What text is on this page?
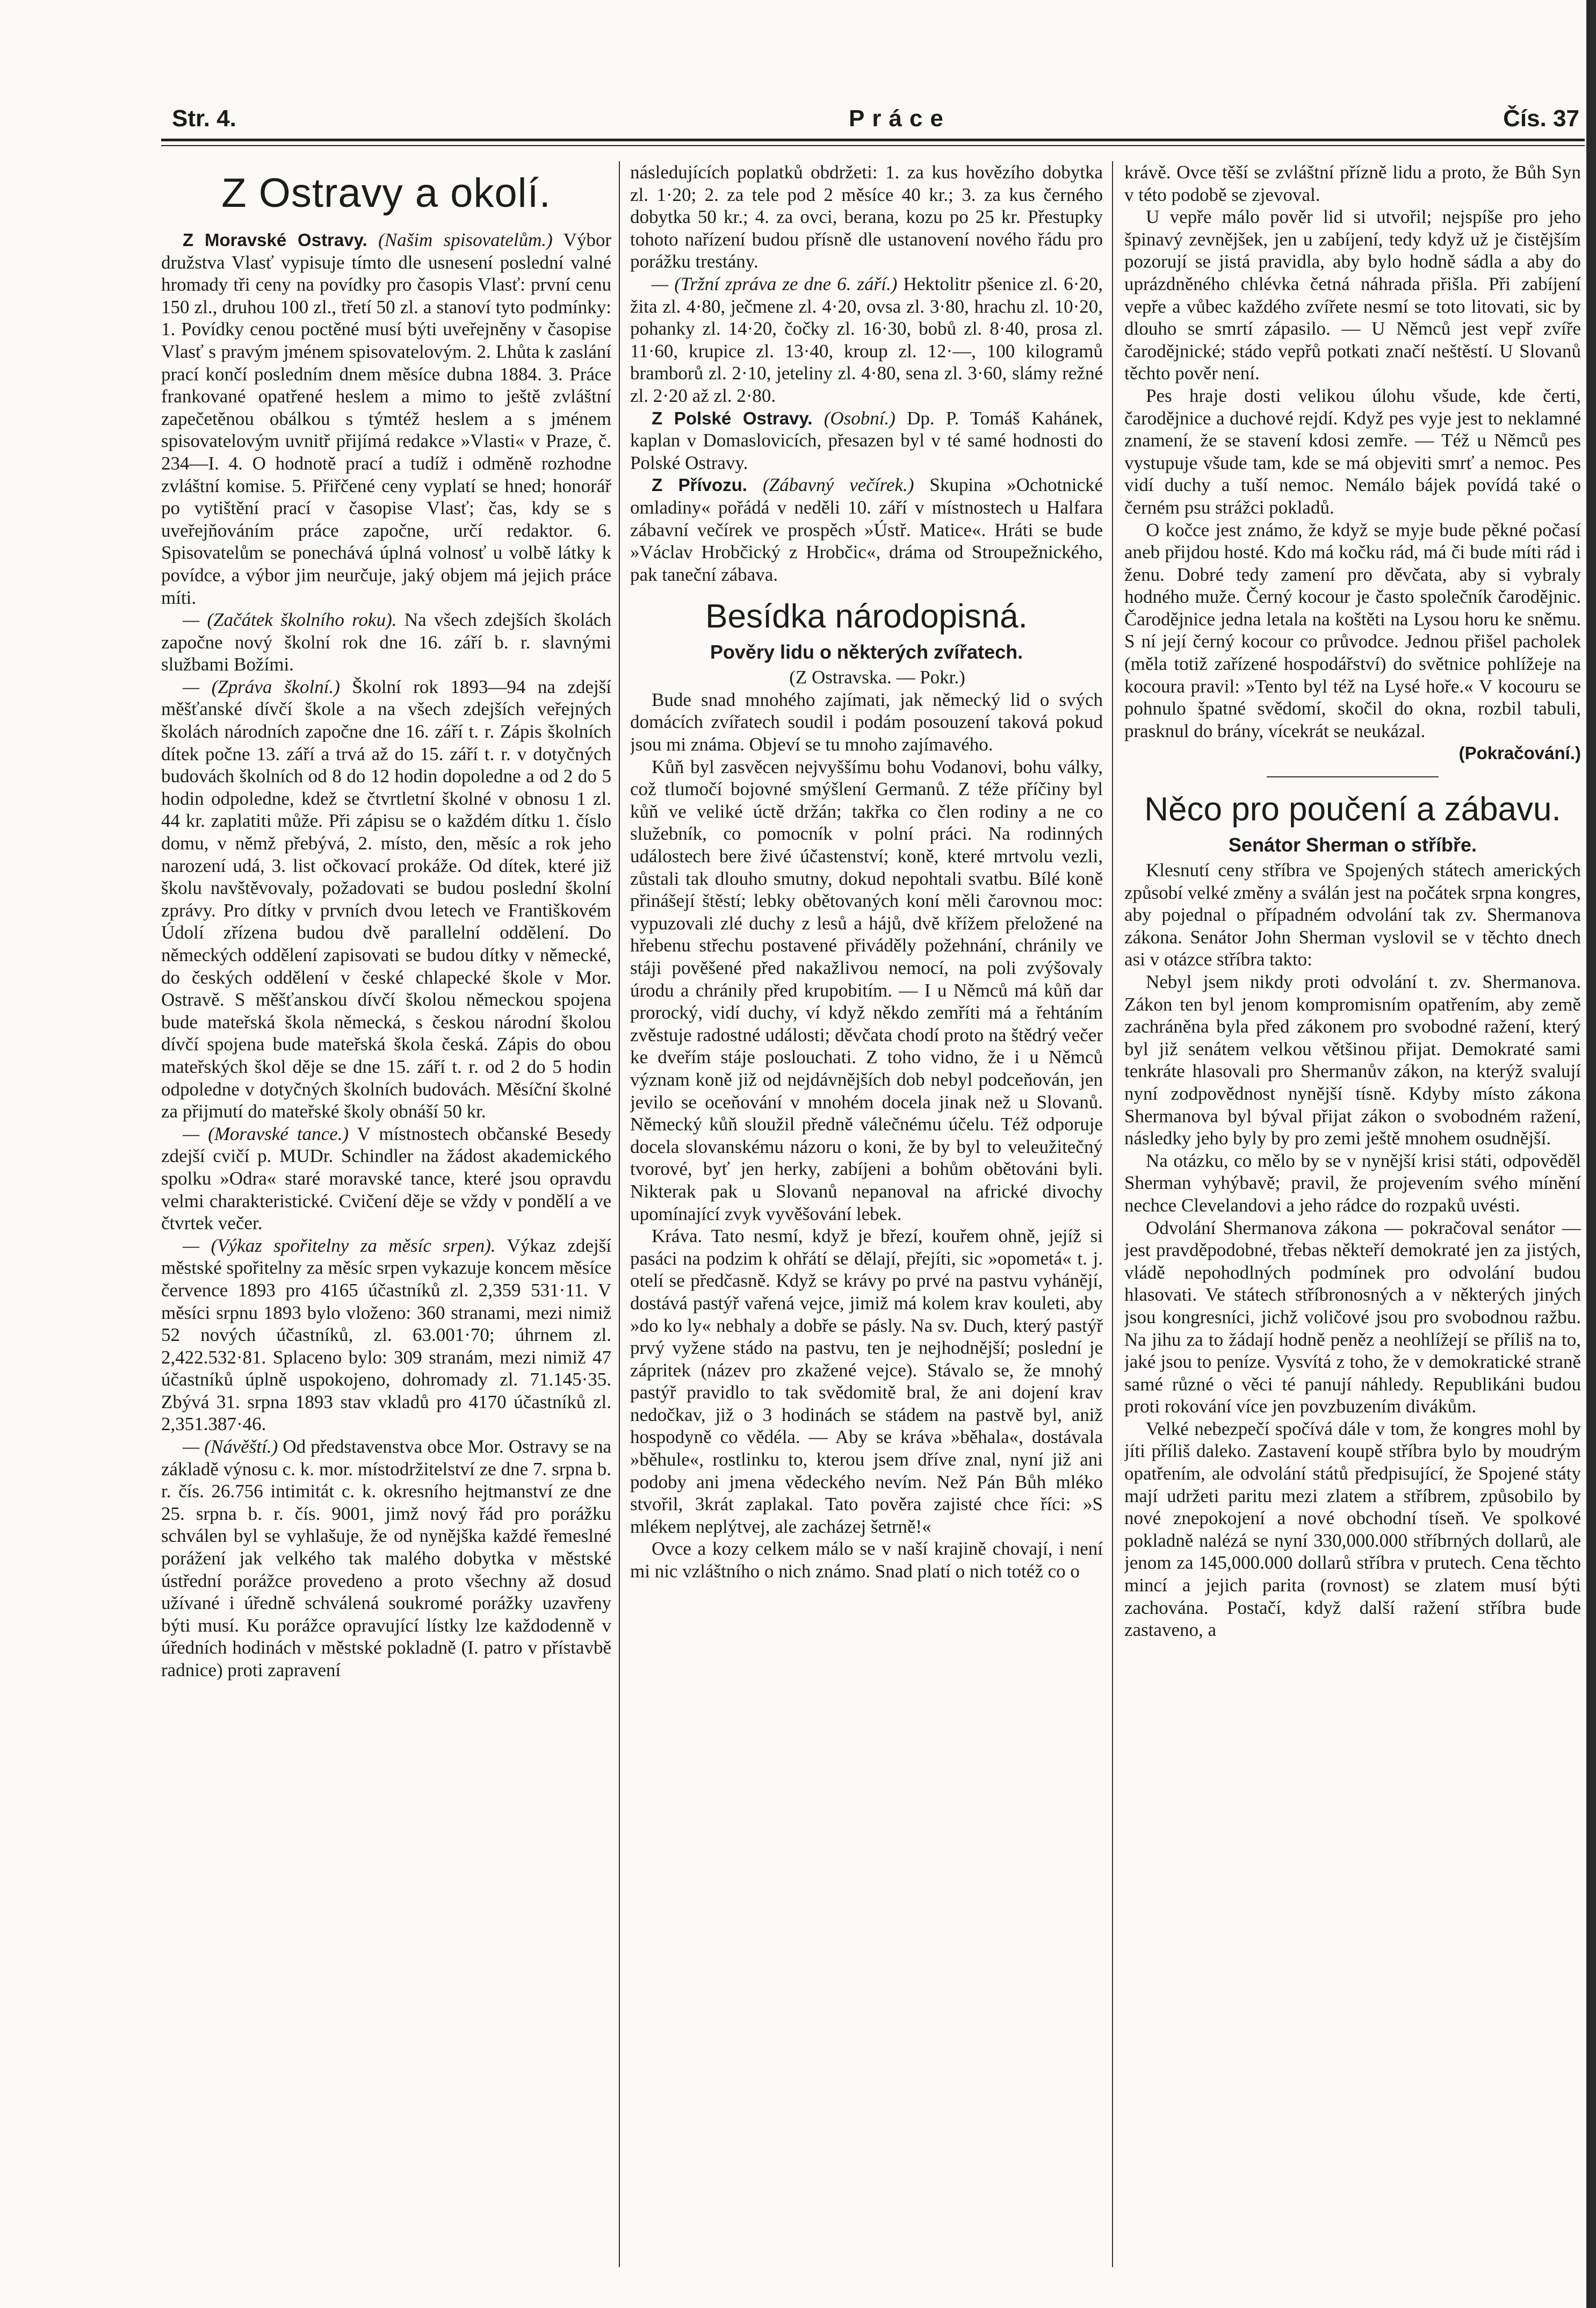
Str. 4.	Práce	Čís. 37
Z Ostravy a okolí.

Z Moravské Ostravy. (Našim spisovatelům.) Výbor družstva Vlasť vypisuje tímto dle usnesení poslední valné hromady tři ceny na povídky pro časopis Vlasť: první cenu 150 zl., druhou 100 zl., třetí 50 zl. a stanoví tyto podmínky: 1. Povídky cenou poctěné musí býti uveřejněny v časopise Vlasť s pravým jménem spisovatelovým. 2. Lhůta k zaslání prací končí posledním dnem měsíce dubna 1884. 3. Práce frankované opatřené heslem a mimo to ještě zvláštní zapečetěnou obálkou s týmtéž heslem a s jménem spisovatelovým uvnitř přijímá redakce »Vlasti« v Praze, č. 234—I. 4. O hodnotě prací a tudíž i odměně rozhodne zvláštní komise. 5. Přiřčené ceny vyplatí se hned; honorář po vytištění prací v časopise Vlasť; čas, kdy se s uveřejňováním práce započne, určí redaktor. 6. Spisovatelům se ponechává úplná volnosť u volbě látky k povídce, a výbor jim neurčuje, jaký objem má jejich práce míti.

— (Začátek školního roku). Na všech zdejších školách započne nový školní rok dne 16. září b. r. slavnými službami Božími.

— (Zpráva školní.) Školní rok 1893—94 na zdejší měšťanské dívčí škole a na všech zdejších veřejných školách národních započne dne 16. září t. r. Zápis školních dítek počne 13. září a trvá až do 15. září t. r. v dotyčných budovách školních od 8 do 12 hodin dopoledne a od 2 do 5 hodin odpoledne, kdež se čtvrtletní školné v obnosu 1 zl. 44 kr. zaplatiti může. Při zápisu se o každém dítku 1. číslo domu, v němž přebývá, 2. místo, den, měsíc a rok jeho narození udá, 3. list očkovací prokáže. Od dítek, které již školu navštěvovaly, požadovati se budou poslední školní zprávy. Pro dítky v prvních dvou letech ve Františkovém Údolí zřízena budou dvě parallelní oddělení. Do německých oddělení zapisovati se budou dítky v německé, do českých oddělení v české chlapecké škole v Mor. Ostravě. S měšťanskou dívčí školou německou spojena bude mateřská škola německá, s českou národní školou dívčí spojena bude mateřská škola česká. Zápis do obou mateřských škol děje se dne 15. září t. r. od 2 do 5 hodin odpoledne v dotyčných školních budovách. Měsíční školné za přijmutí do mateřské školy obnáší 50 kr.

— (Moravské tance.) V místnostech občanské Besedy zdejší cvičí p. MUDr. Schindler na žádost akademického spolku »Odra« staré moravské tance, které jsou opravdu velmi charakteristické. Cvičení děje se vždy v pondělí a ve čtvrtek večer.

— (Výkaz spořitelny za měsíc srpen). Výkaz zdejší městské spořitelny za měsíc srpen vykazuje koncem měsíce července 1893 pro 4165 účastníků zl. 2,359 531·11. V měsíci srpnu 1893 bylo vloženo: 360 stranami, mezi nimiž 52 nových účastníků, zl. 63.001·70; úhrnem zl. 2,422.532·81. Splaceno bylo: 309 stranám, mezi nimiž 47 účastníků úplně uspokojeno, dohromady zl. 71.145·35. Zbývá 31. srpna 1893 stav vkladů pro 4170 účastníků zl. 2,351.387·46.

— (Návěští.) Od představenstva obce Mor. Ostravy se na základě výnosu c. k. mor. místodržitelství ze dne 7. srpna b. r. čís. 26.756 intimitát c. k. okresního hejtmanství ze dne 25. srpna b. r. čís. 9001, jimž nový řád pro porážku schválen byl se vyhlašuje, že od nynějška každé řemeslné porážení jak velkého tak malého dobytka v městské ústřední porážce provedeno a proto všechny až dosud užívané i úředně schválená soukromé porážky uzavřeny býti musí. Ku porážce opravující lístky lze každodenně v úředních hodinách v městské pokladně (I. patro v přístavbě radnice) proti zapravení

následujících poplatků obdržeti: 1. za kus hovězího dobytka zl. 1·20; 2. za tele pod 2 měsíce 40 kr.; 3. za kus černého dobytka 50 kr.; 4. za ovci, berana, kozu po 25 kr. Přestupky tohoto nařízení budou přísně dle ustanovení nového řádu pro porážku trestány.

— (Tržní zpráva ze dne 6. září.) Hektolitr pšenice zl. 6·20, žita zl. 4·80, ječmene zl. 4·20, ovsa zl. 3·80, hrachu zl. 10·20, pohanky zl. 14·20, čočky zl. 16·30, bobů zl. 8·40, prosa zl. 11·60, krupice zl. 13·40, kroup zl. 12·—, 100 kilogramů bramborů zl. 2·10, jeteliny zl. 4·80, sena zl. 3·60, slámy režné zl. 2·20 až zl. 2·80.

Z Polské Ostravy. (Osobní.) Dp. P. Tomáš Kahánek, kaplan v Domaslovicích, přesazen byl v té samé hodnosti do Polské Ostravy.

Z Přívozu. (Zábavný večírek.) Skupina »Ochotnické omladiny« pořádá v neděli 10. září v místnostech u Halfara zábavní večírek ve prospěch »Ústř. Matice«. Hráti se bude »Václav Hrobčický z Hrobčic«, dráma od Stroupežnického, pak taneční zábava.

Besídka národopisná.
Pověry lidu o některých zvířatech.

(Z Ostravska. — Pokr.)

Bude snad mnohého zajímati, jak německý lid o svých domácích zvířatech soudil i podám posouzení taková pokud jsou mi známa. Objeví se tu mnoho zajímavého.

Kůň byl zasvěcen nejvyššímu bohu Vodanovi, bohu války, což tlumočí bojovné smýšlení Germanů. Z téže příčiny byl kůň ve veliké úctě držán; takřka co člen rodiny a ne co služebník, co pomocník v polní práci. Na rodinných událostech bere živé účastenství; koně, které mrtvolu vezli, zůstali tak dlouho smutny, dokud nepohtali svatbu. Bílé koně přinášejí štěstí; lebky obětovaných koní měli čarovnou moc: vypuzovali zlé duchy z lesů a hájů, dvě křížem přeložené na hřebenu střechu postavené přiváděly požehnání, chránily ve stáji pověšené před nakažlivou nemocí, na poli zvýšovaly úrodu a chránily před krupobitím. — I u Němců má kůň dar prorocký, vidí duchy, ví když někdo zemříti má a řehtáním zvěstuje radostné události; děvčata chodí proto na štědrý večer ke dveřím stáje poslouchati. Z toho vidno, že i u Němců význam koně již od nejdávnějších dob nebyl podceňován, jen jevilo se oceňování v mnohém docela jinak než u Slovanů. Německý kůň sloužil předně válečnému účelu. Též odporuje docela slovanskému názoru o koni, že by byl to veleužitečný tvorové, byť jen herky, zabíjeni a bohům obětováni byli. Nikterak pak u Slovanů nepanoval na africké divochy upomínající zvyk vyvěšování lebek.

Kráva. Tato nesmí, když je březí, kouřem ohně, jejíž si pasáci na podzim k ohřátí se dělají, přejíti, sic »opometá« t. j. otelí se předčasně. Když se krávy po prvé na pastvu vyhánějí, dostává pastýř vařená vejce, jimiž má kolem krav kouleti, aby »do ko ly« nebhaly a dobře se pásly. Na sv. Duch, který pastýř prvý vyžene stádo na pastvu, ten je nejhodnější; poslední je zápritek (název pro zkažené vejce). Stávalo se, že mnohý pastýř pravidlo to tak svědomitě bral, že ani dojení krav nedočkav, již o 3 hodinách se stádem na pastvě byl, aniž hospodyně co vědéla. — Aby se kráva »běhala«, dostávala »běhule«, rostlinku to, kterou jsem dříve znal, nyní již ani podoby ani jmena vědeckého nevím. Než Pán Bůh mléko stvořil, 3krát zaplakal. Tato pověra zajisté chce říci: »S mlékem neplýtvej, ale zacházej šetrně!«

Ovce a kozy celkem málo se v naší krajině chovají, i není mi nic vzláštního o nich známo. Snad platí o nich totéž co o

krávě. Ovce těší se zvláštní přízně lidu a proto, že Bůh Syn v této podobě se zjevoval.

U vepře málo pověr lid si utvořil; nejspíše pro jeho špinavý zevnějšek, jen u zabíjení, tedy když už je čistějším pozorují se jistá pravidla, aby bylo hodně sádla a aby do uprázdněného chlévka četná náhrada přišla. Při zabíjení vepře a vůbec každého zvířete nesmí se toto litovati, sic by dlouho se smrtí zápasilo. — U Němců jest vepř zvíře čarodějnické; stádo vepřů potkati značí neštěstí. U Slovanů těchto pověr není.

Pes hraje dosti velikou úlohu všude, kde čerti, čarodějnice a duchové rejdí. Když pes vyje jest to neklamné znamení, že se stavení kdosi zemře. — Též u Němců pes vystupuje všude tam, kde se má objeviti smrť a nemoc. Pes vidí duchy a tuší nemoc. Nemálo bájek povídá také o černém psu strážci pokladů.

O kočce jest známo, že když se myje bude pěkné počasí aneb přijdou hosté. Kdo má kočku rád, má či bude míti rád i ženu. Dobré tedy zamení pro děvčata, aby si vybraly hodného muže. Černý kocour je často společník čarodějnic. Čarodějnice jedna letala na koštěti na Lysou horu ke sněmu. S ní její černý kocour co průvodce. Jednou přišel pacholek (měla totiž zařízené hospodářství) do světnice pohlížeje na kocoura pravil: »Tento byl též na Lysé hoře.« V kocouru se pohnulo špatné svědomí, skočil do okna, rozbil tabuli, prasknul do brány, vícekrát se neukázal.

(Pokračování.)

Něco pro poučení a zábavu.
Senátor Sherman o stříbře.

Klesnutí ceny stříbra ve Spojených státech amerických způsobí velké změny a sválán jest na počátek srpna kongres, aby pojednal o případném odvolání tak zv. Shermanova zákona. Senátor John Sherman vyslovil se v těchto dnech asi v otázce stříbra takto:

Nebyl jsem nikdy proti odvolání t. zv. Shermanova. Zákon ten byl jenom kompromisním opatřením, aby země zachráněna byla před zákonem pro svobodné ražení, který byl již senátem velkou většinou přijat. Demokraté sami tenkráte hlasovali pro Shermanův zákon, na kterýž svalují nyní zodpovědnost nynější tísně. Kdyby místo zákona Shermanova byl býval přijat zákon o svobodném ražení, následky jeho byly by pro zemi ještě mnohem osudnější.

Na otázku, co mělo by se v nynější krisi státi, odpověděl Sherman vyhýbavě; pravil, že projevením svého mínění nechce Clevelandovi a jeho rádce do rozpaků uvésti.

Odvolání Shermanova zákona — pokračoval senátor — jest pravděpodobné, třebas někteří demokraté jen za jistých, vládě nepohodlných podmínek pro odvolání budou hlasovati. Ve státech stříbronosných a v některých jiných jsou kongresníci, jichž voličové jsou pro svobodnou ražbu. Na jihu za to žádají hodně peněz a neohlížejí se příliš na to, jaké jsou to peníze. Vysvítá z toho, že v demokratické straně samé různé o věci té panují náhledy. Republikáni budou proti rokování více jen povzbuzením divákům.

Velké nebezpečí spočívá dále v tom, že kongres mohl by jíti příliš daleko. Zastavení koupě stříbra bylo by moudrým opatřením, ale odvolání států předpisující, že Spojené státy mají udržeti paritu mezi zlatem a stříbrem, způsobilo by nové znepokojení a nové obchodní tíseň. Ve spolkové pokladně nalézá se nyní 330,000.000 stříbrných dollarů, ale jenom za 145,000.000 dollarů stříbra v prutech. Cena těchto mincí a jejich parita (rovnost) se zlatem musí býti zachována. Postačí, když další ražení stříbra bude zastaveno, a
